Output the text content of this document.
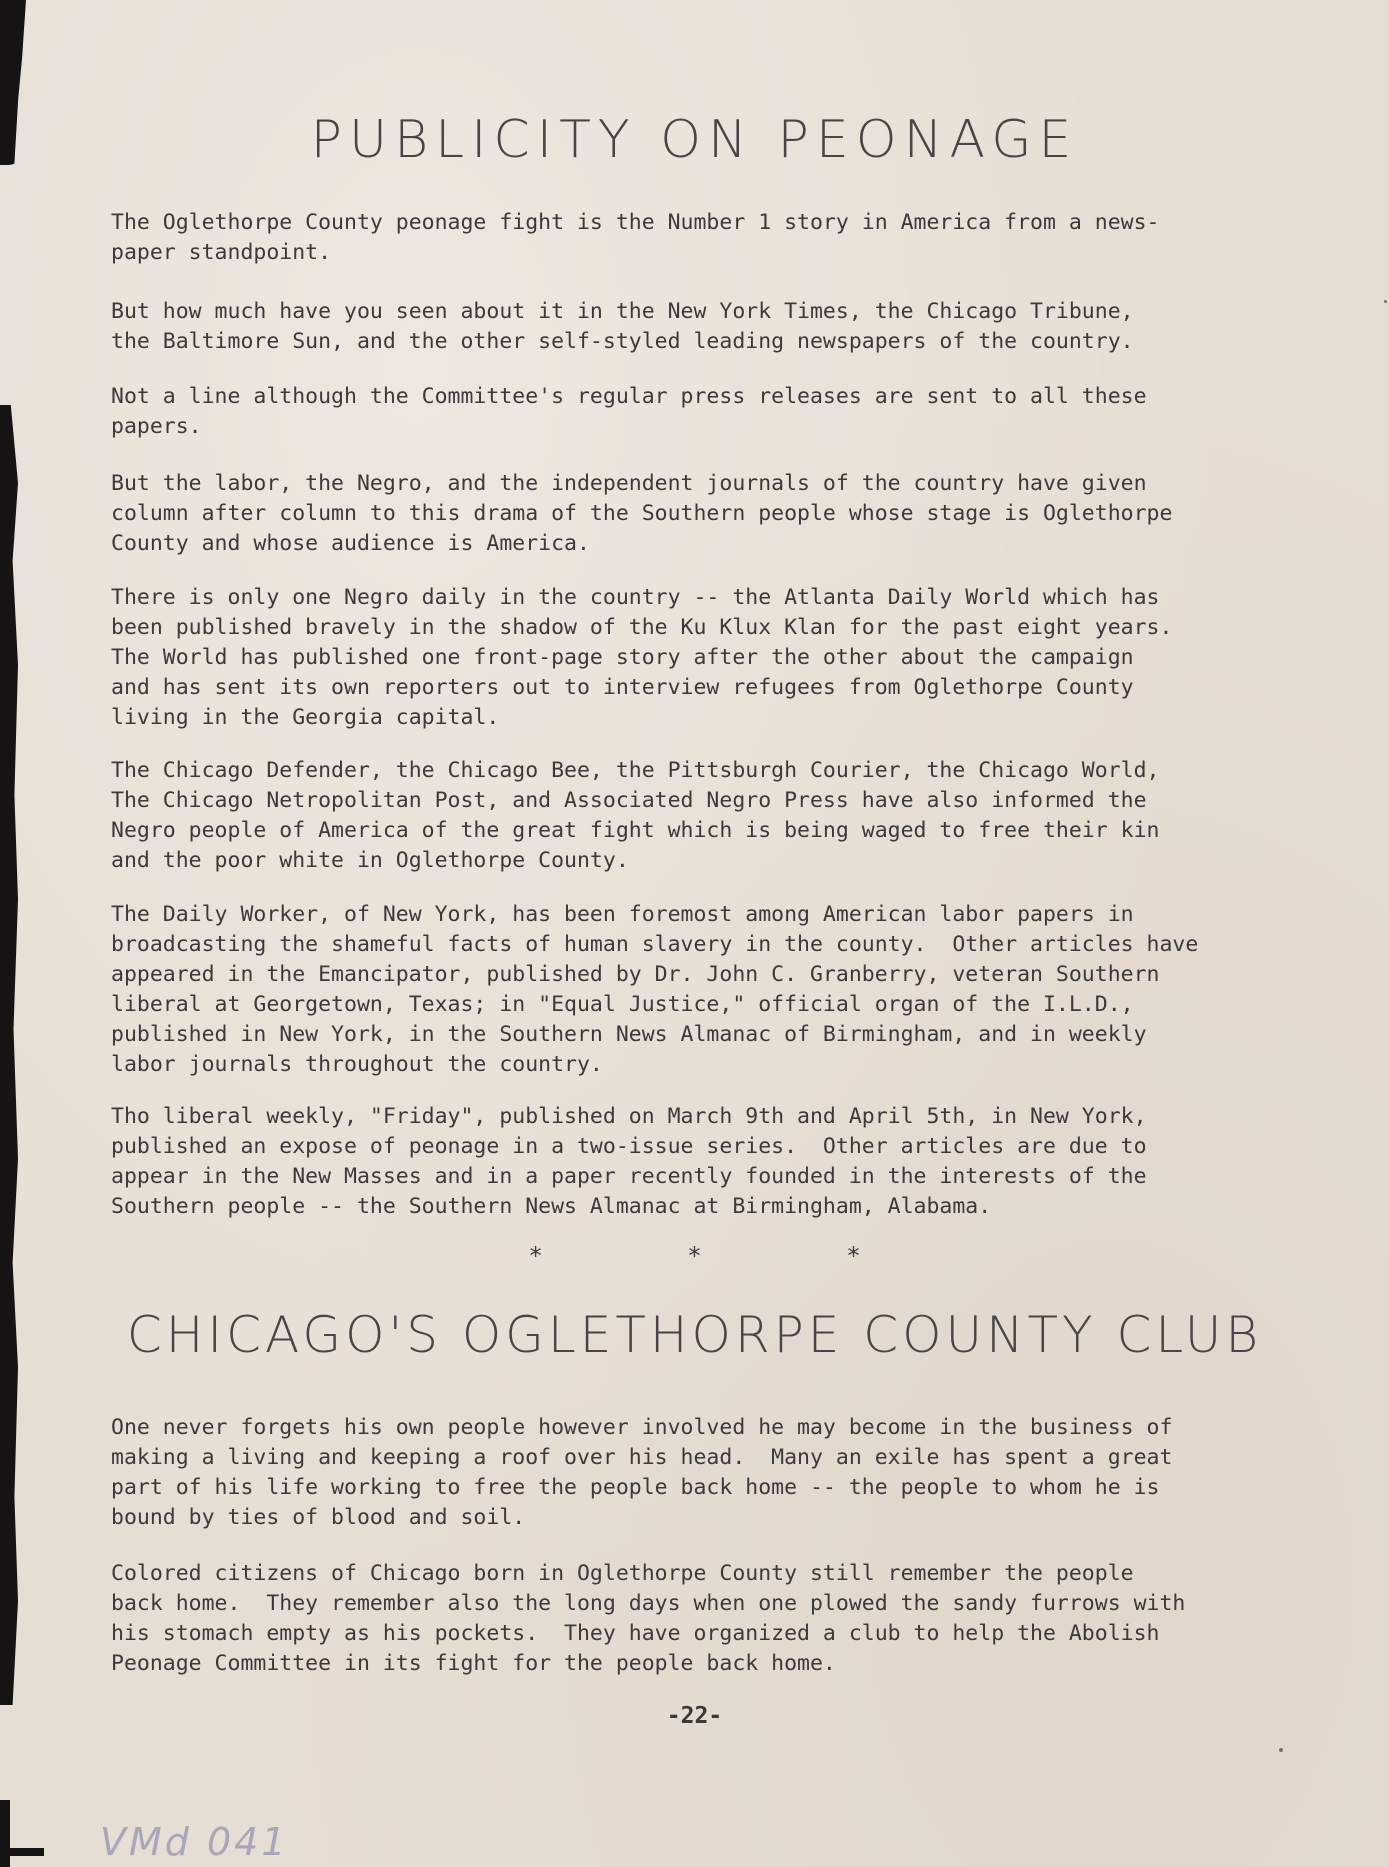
PUBLICITY ON PEONAGE

The Oglethorpe County peonage fight is the Number 1 story in America from a news-
paper standpoint.

But how much have you seen about it in the New York Times, the Chicago Tribune,
the Baltimore Sun, and the other self-styled leading newspapers of the country.

Not a line although the Committee's regular press releases are sent to all these
papers.

But the labor, the Negro, and the independent journals of the country have given
column after column to this drama of the Southern people whose stage is Oglethorpe
County and whose audience is America.

There is only one Negro daily in the country -- the Atlanta Daily World which has
been published bravely in the shadow of the Ku Klux Klan for the past eight years.
The World has published one front-page story after the other about the campaign
and has sent its own reporters out to interview refugees from Oglethorpe County
living in the Georgia capital.

The Chicago Defender, the Chicago Bee, the Pittsburgh Courier, the Chicago World,
The Chicago Netropolitan Post, and Associated Negro Press have also informed the
Negro people of America of the great fight which is being waged to free their kin
and the poor white in Oglethorpe County.

The Daily Worker, of New York, has been foremost among American labor papers in
broadcasting the shameful facts of human slavery in the county.  Other articles have
appeared in the Emancipator, published by Dr. John C. Granberry, veteran Southern
liberal at Georgetown, Texas; in "Equal Justice," official organ of the I.L.D.,
published in New York, in the Southern News Almanac of Birmingham, and in weekly
labor journals throughout the country.

Tho liberal weekly, "Friday", published on March 9th and April 5th, in New York,
published an expose of peonage in a two-issue series.  Other articles are due to
appear in the New Masses and in a paper recently founded in the interests of the
Southern people -- the Southern News Almanac at Birmingham, Alabama.

*          *          *
CHICAGO'S OGLETHORPE COUNTY CLUB

One never forgets his own people however involved he may become in the business of
making a living and keeping a roof over his head.  Many an exile has spent a great
part of his life working to free the people back home -- the people to whom he is
bound by ties of blood and soil.

Colored citizens of Chicago born in Oglethorpe County still remember the people
back home.  They remember also the long days when one plowed the sandy furrows with
his stomach empty as his pockets.  They have organized a club to help the Abolish
Peonage Committee in its fight for the people back home.

-22-
VMd 041
